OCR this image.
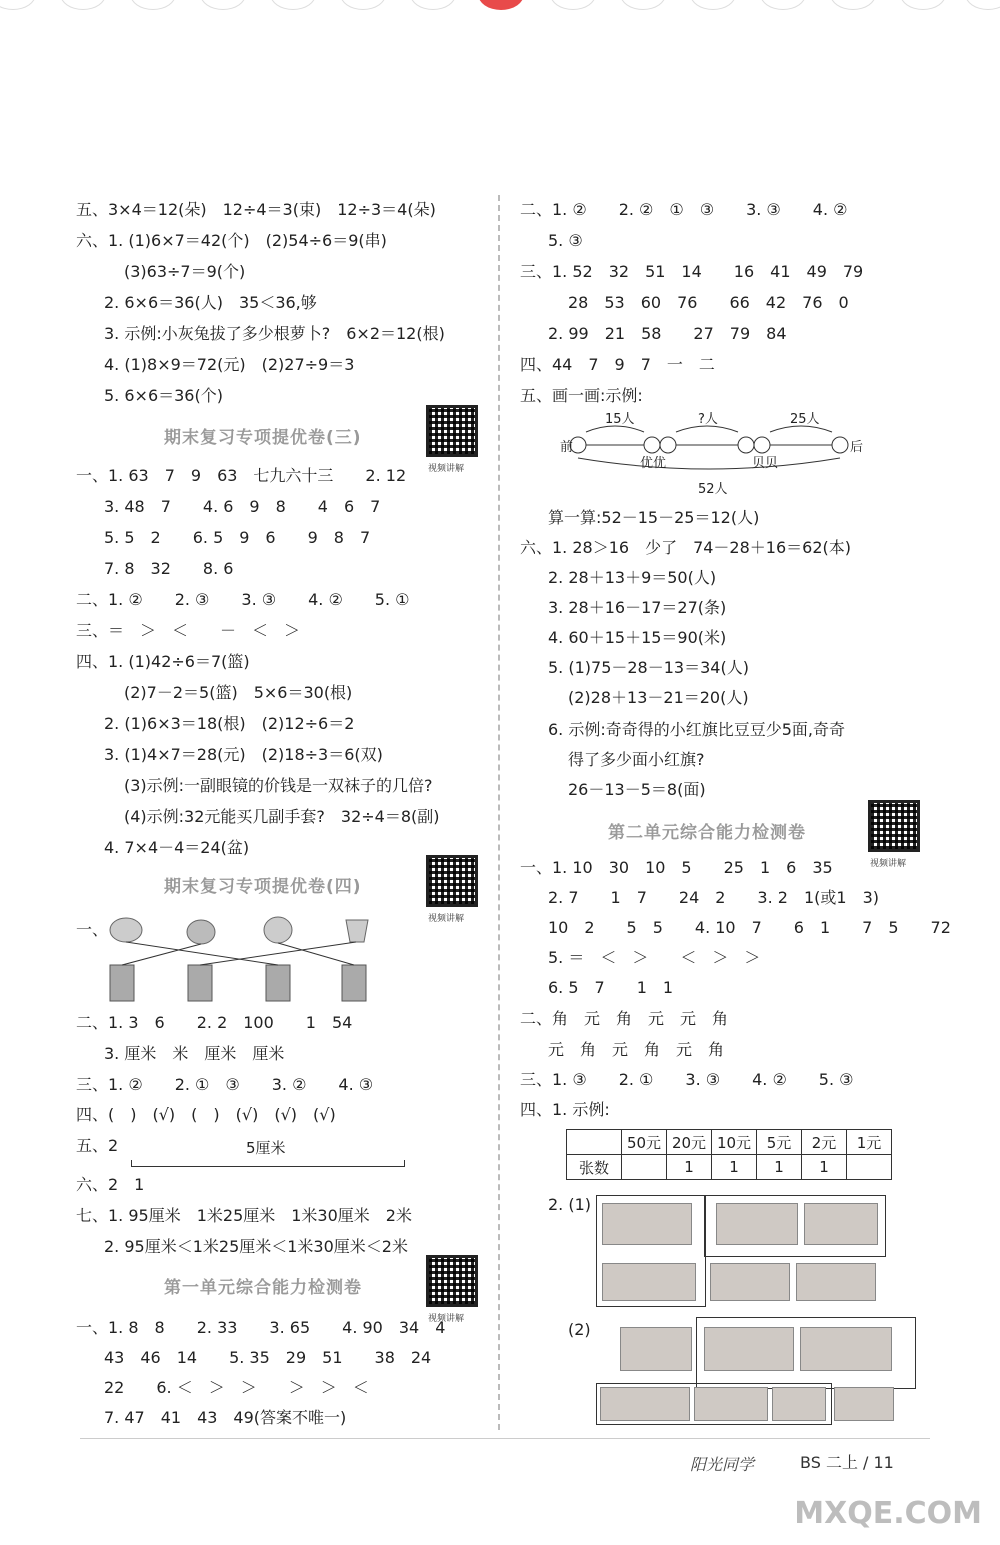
五、3×4＝12(朵)　12÷4＝3(束)　12÷3＝4(朵)
六、1. (1)6×7＝42(个)　(2)54÷6＝9(串)
(3)63÷7＝9(个)
2. 6×6＝36(人)　35＜36,够
3. 示例:小灰兔拔了多少根萝卜?　6×2＝12(根)
4. (1)8×9＝72(元)　(2)27÷9＝3
5. 6×6＝36(个)
期末复习专项提优卷(三)
视频讲解
一、1. 63　7　9　63　七九六十三　　2. 12
3. 48　7　　4. 6　9　8　　4　6　7
5. 5　2　　6. 5　9　6　　9　8　7
7. 8　32　　8. 6
二、1. ②　　2. ③　　3. ③　　4. ②　　5. ①
三、＝　＞　＜　　－　＜　＞
四、1. (1)42÷6＝7(篮)
(2)7－2＝5(篮)　5×6＝30(根)
2. (1)6×3＝18(根)　(2)12÷6＝2
3. (1)4×7＝28(元)　(2)18÷3＝6(双)
(3)示例:一副眼镜的价钱是一双袜子的几倍?
(4)示例:32元能买几副手套?　32÷4＝8(副)
4. 7×4－4＝24(盆)
期末复习专项提优卷(四)
视频讲解
一、
二、1. 3　6　　2. 2　100　　1　54
3. 厘米　米　厘米　厘米
三、1. ②　　2. ①　③　　3. ②　　4. ③
四、(　)　(√)　(　)　(√)　(√)　(√)
五、2	5厘米
六、2　1
七、1. 95厘米　1米25厘米　1米30厘米　2米
2. 95厘米＜1米25厘米＜1米30厘米＜2米
第一单元综合能力检测卷
视频讲解
一、1. 8　8　　2. 33　　3. 65　　4. 90　34　4
43　46　14　　5. 35　29　51　　38　24
22　　6. ＜　＞　＞　　＞　＞　＜
7. 47　41　43　49(答案不唯一)
二、1. ②　　2. ②　①　③　　3. ③　　4. ②
5. ③
三、1. 52　32　51　14　　16　41　49　79
28　53　60　76　　66　42　76　0
2. 99　21　58　　27　79　84
四、44　7　9　7　一　二
五、画一画:示例:
前	后
15人	?人	25人
优优	贝贝
52人
算一算:52－15－25＝12(人)
六、1. 28＞16　少了　74－28＋16＝62(本)
2. 28＋13＋9＝50(人)
3. 28＋16－17＝27(条)
4. 60＋15＋15＝90(米)
5. (1)75－28－13＝34(人)
(2)28＋13－21＝20(人)
6. 示例:奇奇得的小红旗比豆豆少5面,奇奇
得了多少面小红旗?
26－13－5＝8(面)
第二单元综合能力检测卷
视频讲解
一、1. 10　30　10　5　　25　1　6　35
2. 7　　1　7　　24　2　　3. 2　1(或1　3)
10　2　　5　5　　4. 10　7　　6　1　　7　5　　72
5. ＝　＜　＞　　＜　＞　＞
6. 5　7　　1　1
二、角　元　角　元　元　角
元　角　元　角　元　角
三、1. ③　　2. ①　　3. ③　　4. ②　　5. ③
四、1. 示例:
	50元	20元	10元	5元	2元	1元
张数		1	1	1	1	
2. (1)
(2)
阳光同学	BS 二上 / 11
MXQE.COM
